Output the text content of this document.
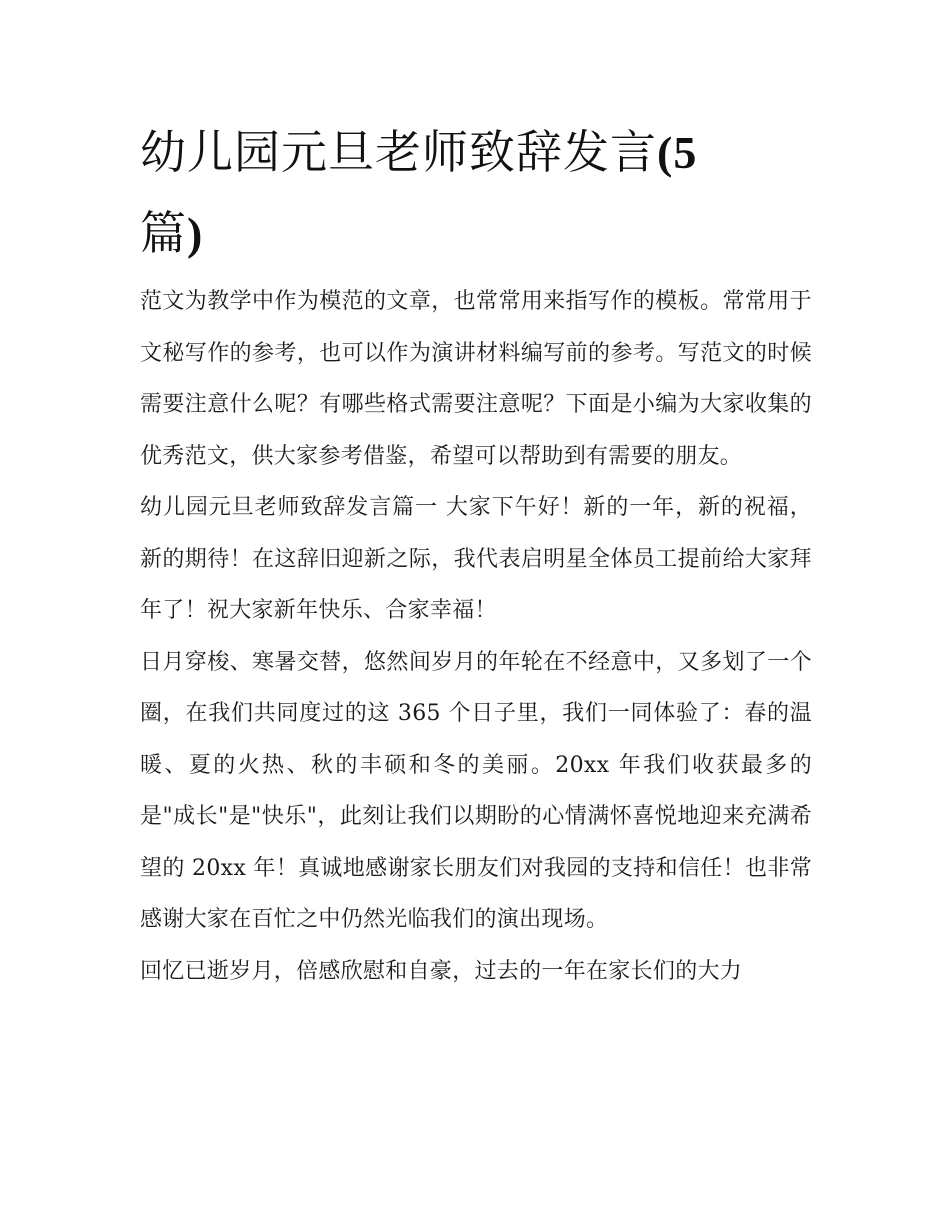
幼儿园元旦老师致辞发言(5
篇)

范文为教学中作为模范的文章，也常常用来指写作的模板。常常用于文秘写作的参考，也可以作为演讲材料编写前的参考。写范文的时候需要注意什么呢？有哪些格式需要注意呢？下面是小编为大家收集的优秀范文，供大家参考借鉴，希望可以帮助到有需要的朋友。

幼儿园元旦老师致辞发言篇一 大家下午好！新的一年，新的祝福，新的期待！在这辞旧迎新之际，我代表启明星全体员工提前给大家拜年了！祝大家新年快乐、合家幸福！

日月穿梭、寒暑交替，悠然间岁月的年轮在不经意中，又多划了一个圈，在我们共同度过的这 365 个日子里，我们一同体验了：春的温暖、夏的火热、秋的丰硕和冬的美丽。20xx 年我们收获最多的是"成长"是"快乐"，此刻让我们以期盼的心情满怀喜悦地迎来充满希望的 20xx 年！真诚地感谢家长朋友们对我园的支持和信任！也非常感谢大家在百忙之中仍然光临我们的演出现场。

回忆已逝岁月，倍感欣慰和自豪，过去的一年在家长们的大力
